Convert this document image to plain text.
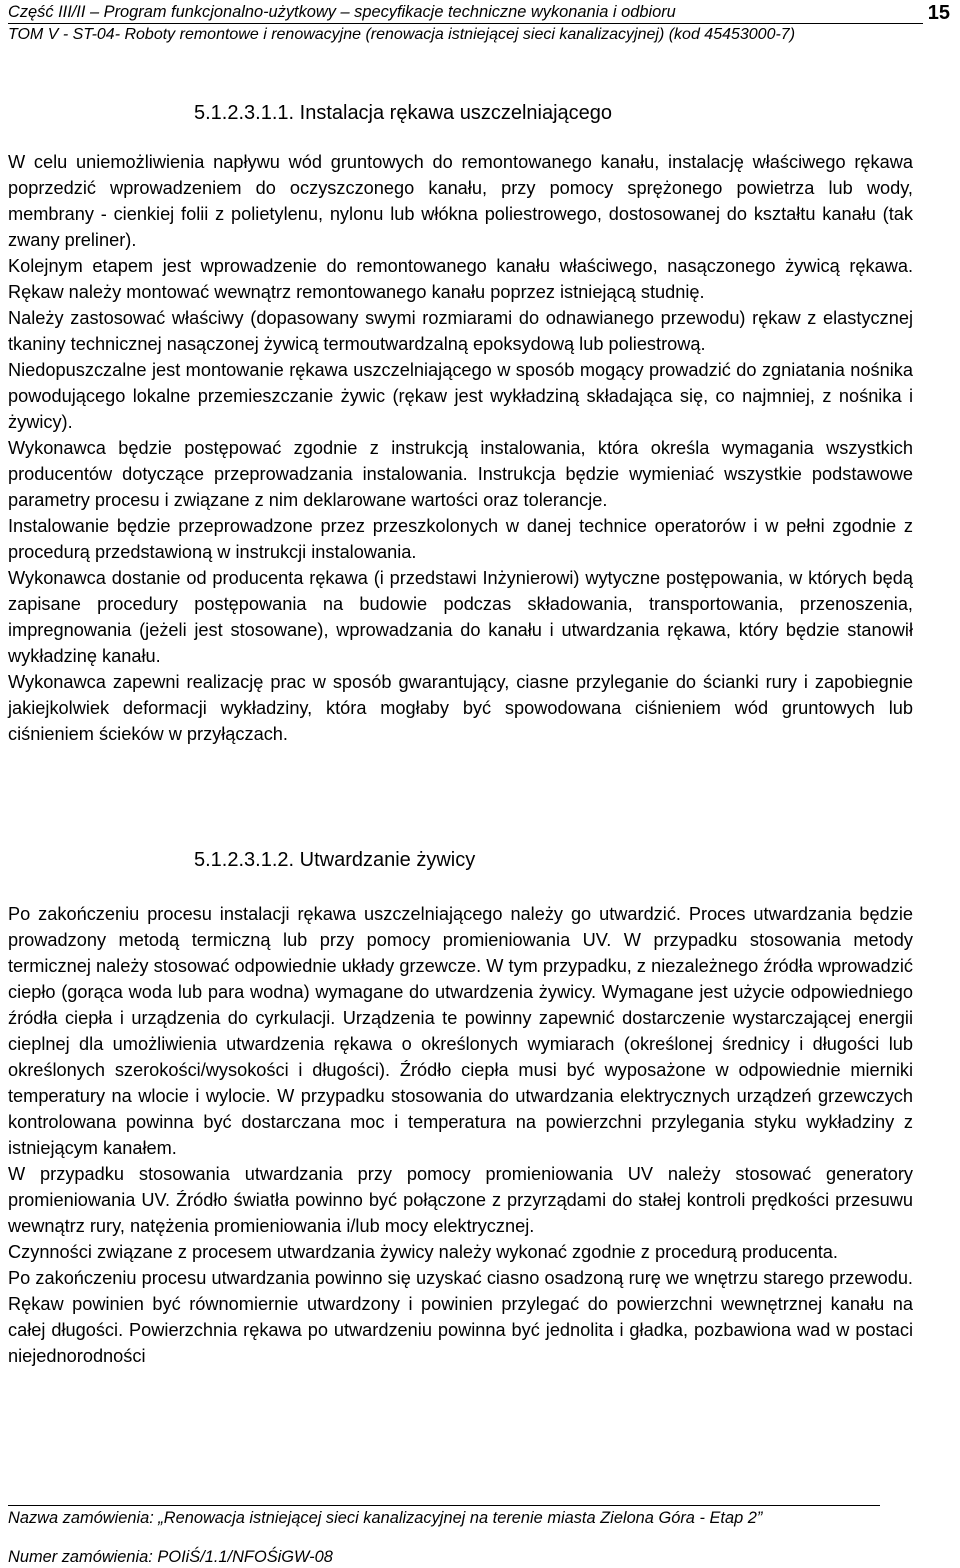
Część III/II – Program funkcjonalno-użytkowy – specyfikacje techniczne wykonania i odbioru
TOM V - ST-04- Roboty remontowe i renowacyjne (renowacja istniejącej sieci kanalizacyjnej) (kod 45453000-7)
15
5.1.2.3.1.1. Instalacja rękawa uszczelniającego

W celu uniemożliwienia napływu wód gruntowych do remontowanego kanału, instalację właściwego rękawa poprzedzić wprowadzeniem do oczyszczonego kanału, przy pomocy sprężonego powietrza lub wody, membrany - cienkiej folii z polietylenu, nylonu lub włókna poliestrowego, dostosowanej do kształtu kanału (tak zwany preliner).

Kolejnym etapem jest wprowadzenie do remontowanego kanału właściwego, nasączonego żywicą rękawa. Rękaw należy montować wewnątrz remontowanego kanału poprzez istniejącą studnię.

Należy zastosować właściwy (dopasowany swymi rozmiarami do odnawianego przewodu) rękaw z elastycznej tkaniny technicznej nasączonej żywicą termoutwardzalną epoksydową lub poliestrową.

Niedopuszczalne jest montowanie rękawa uszczelniającego w sposób mogący prowadzić do zgniatania nośnika powodującego lokalne przemieszczanie żywic (rękaw jest wykładziną składająca się, co najmniej, z nośnika i żywicy).

Wykonawca będzie postępować zgodnie z instrukcją instalowania, która określa wymagania wszystkich producentów dotyczące przeprowadzania instalowania. Instrukcja będzie wymieniać wszystkie podstawowe parametry procesu i związane z nim deklarowane wartości oraz tolerancje.

Instalowanie będzie przeprowadzone przez przeszkolonych w danej technice operatorów i w pełni zgodnie z procedurą przedstawioną w instrukcji instalowania.

Wykonawca dostanie od producenta rękawa (i przedstawi Inżynierowi) wytyczne postępowania, w których będą zapisane procedury postępowania na budowie podczas składowania, transportowania, przenoszenia, impregnowania (jeżeli jest stosowane), wprowadzania do kanału i utwardzania rękawa, który będzie stanowił wykładzinę kanału.

Wykonawca zapewni realizację prac w sposób gwarantujący, ciasne przyleganie do ścianki rury i zapobiegnie jakiejkolwiek deformacji wykładziny, która mogłaby być spowodowana ciśnieniem wód gruntowych lub ciśnieniem ścieków w przyłączach.

5.1.2.3.1.2. Utwardzanie żywicy

Po zakończeniu procesu instalacji rękawa uszczelniającego należy go utwardzić. Proces utwardzania będzie prowadzony metodą termiczną lub przy pomocy promieniowania UV. W przypadku stosowania metody termicznej należy stosować odpowiednie układy grzewcze. W tym przypadku, z niezależnego źródła wprowadzić ciepło (gorąca woda lub para wodna) wymagane do utwardzenia żywicy. Wymagane jest użycie odpowiedniego źródła ciepła i urządzenia do cyrkulacji. Urządzenia te powinny zapewnić dostarczenie wystarczającej energii cieplnej dla umożliwienia utwardzenia rękawa o określonych wymiarach (określonej średnicy i długości lub określonych szerokości/wysokości i długości). Źródło ciepła musi być wyposażone w odpowiednie mierniki temperatury na wlocie i wylocie. W przypadku stosowania do utwardzania elektrycznych urządzeń grzewczych kontrolowana powinna być dostarczana moc i temperatura na powierzchni przylegania styku wykładziny z istniejącym kanałem.

W przypadku stosowania utwardzania przy pomocy promieniowania UV należy stosować generatory promieniowania UV. Źródło światła powinno być połączone z przyrządami do stałej kontroli prędkości przesuwu wewnątrz rury, natężenia promieniowania i/lub mocy elektrycznej.

Czynności związane z procesem utwardzania żywicy należy wykonać zgodnie z procedurą producenta.

Po zakończeniu procesu utwardzania powinno się uzyskać ciasno osadzoną rurę we wnętrzu starego przewodu. Rękaw powinien być równomiernie utwardzony i powinien przylegać do powierzchni wewnętrznej kanału na całej długości. Powierzchnia rękawa po utwardzeniu powinna być jednolita i gładka, pozbawiona wad w postaci niejednorodności

Nazwa zamówienia: „Renowacja istniejącej sieci kanalizacyjnej na terenie miasta Zielona Góra - Etap 2”
Numer zamówienia: POIiŚ/1.1/NFOŚiGW-08
